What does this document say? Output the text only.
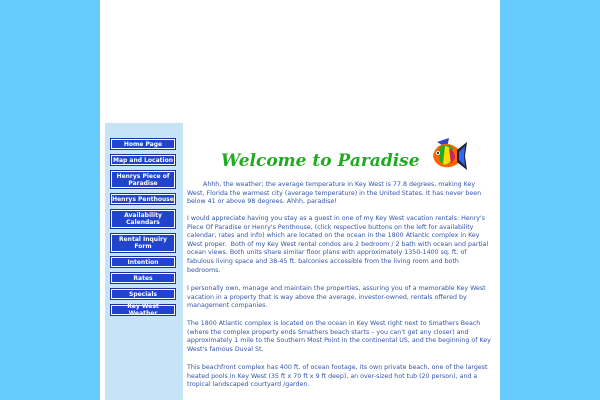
Home Page
Map and Location
Henrys Piece of
Paradise
Henrys Penthouse
Availability
Calendars
Rental Inquiry
Form
Intention
Rates
Specials
Key West Weather
Welcome to Paradise

Ahhh, the weather; the average temperature in Key West is 77.8 degrees, making Key West, Florida the warmest city (average temperature) in the United States. It has never been below 41 or above 98 degrees. Ahhh, paradise!

I would appreciate having you stay as a guest in one of my Key West vacation rentals: Henry's Piece Of Paradise or Henry's Penthouse, (click respective buttons on the left for availability calendar, rates and info) which are located on the ocean in the 1800 Atlantic complex in Key West proper.  Both of my Key West rental condos are 2 bedroom / 2 bath with ocean and partial ocean views. Both units share similar floor plans with approximately 1350-1400 sq. ft. of fabulous living space and 38-45 ft. balconies accessible from the living room and both bedrooms.

I personally own, manage and maintain the properties, assuring you of a memorable Key West vacation in a property that is way above the average, investor-owned, rentals offered by management companies.

The 1800 Atlantic complex is located on the ocean in Key West right next to Smathers Beach (where the complex property ends Smathers beach starts – you can't get any closer) and approximately 1 mile to the Southern Most Point in the continental US, and the beginning of Key West's famous Duval St.

This beachfront complex has 400 ft. of ocean footage, its own private beach, one of the largest heated pools in Key West (35 ft x 70 ft x 9 ft deep), an over-sized hot tub (20 person), and a tropical landscaped courtyard /garden.
